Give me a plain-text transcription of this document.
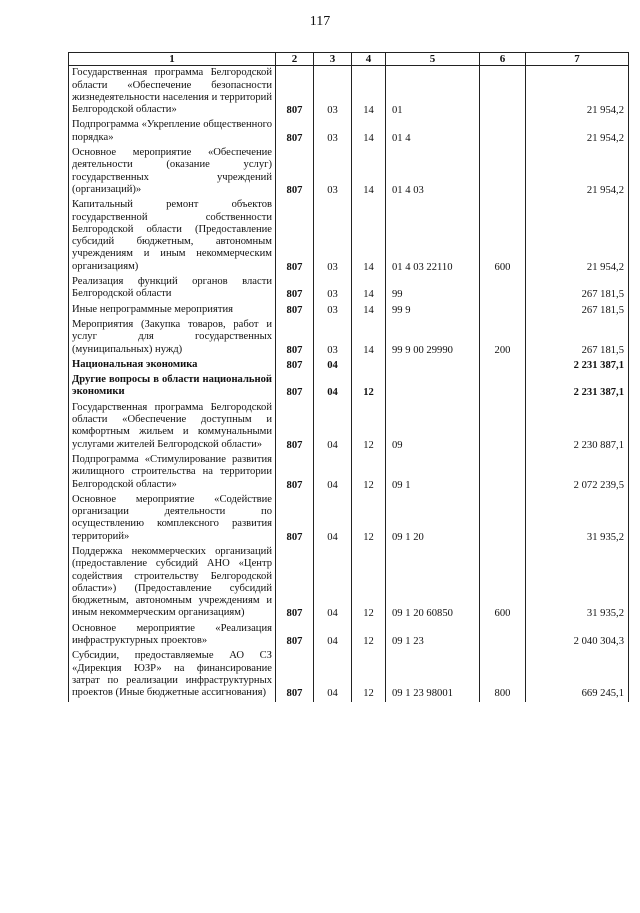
117
1	2	3	4	5	6	7
Государственная программа Белгородской области «Обеспечение безопасности жизнедеятельности населения и территорий Белгородской области»	807	03	14	01		21 954,2
Подпрограмма «Укрепление общественного порядка»	807	03	14	01 4		21 954,2
Основное мероприятие «Обеспечение деятельности (оказание услуг) государственных учреждений (организаций)»	807	03	14	01 4 03		21 954,2
Капитальный ремонт объектов государственной собственности Белгородской области (Предоставление субсидий бюджетным, автономным учреждениям и иным некоммерческим организациям)	807	03	14	01 4 03 22110	600	21 954,2
Реализация функций органов власти Белгородской области	807	03	14	99		267 181,5
Иные непрограммные мероприятия	807	03	14	99 9		267 181,5
Мероприятия (Закупка товаров, работ и услуг для государственных (муниципальных) нужд)	807	03	14	99 9 00 29990	200	267 181,5
Национальная экономика	807	04				2 231 387,1
Другие вопросы в области национальной экономики	807	04	12			2 231 387,1
Государственная программа Белгородской области «Обеспечение доступным и комфортным жильем и коммунальными услугами жителей Белгородской области»	807	04	12	09		2 230 887,1
Подпрограмма «Стимулирование развития жилищного строительства на территории Белгородской области»	807	04	12	09 1		2 072 239,5
Основное мероприятие «Содействие организации деятельности по осуществлению комплексного развития территорий»	807	04	12	09 1 20		31 935,2
Поддержка некоммерческих организаций (предоставление субсидий АНО «Центр содействия строительству Белгородской области») (Предоставление субсидий бюджетным, автономным учреждениям и иным некоммерческим организациям)	807	04	12	09 1 20 60850	600	31 935,2
Основное мероприятие «Реализация инфраструктурных проектов»	807	04	12	09 1 23		2 040 304,3
Субсидии, предоставляемые АО СЗ «Дирекция ЮЗР» на финансирование затрат по реализации инфраструктурных проектов (Иные бюджетные ассигнования)	807	04	12	09 1 23 98001	800	669 245,1
